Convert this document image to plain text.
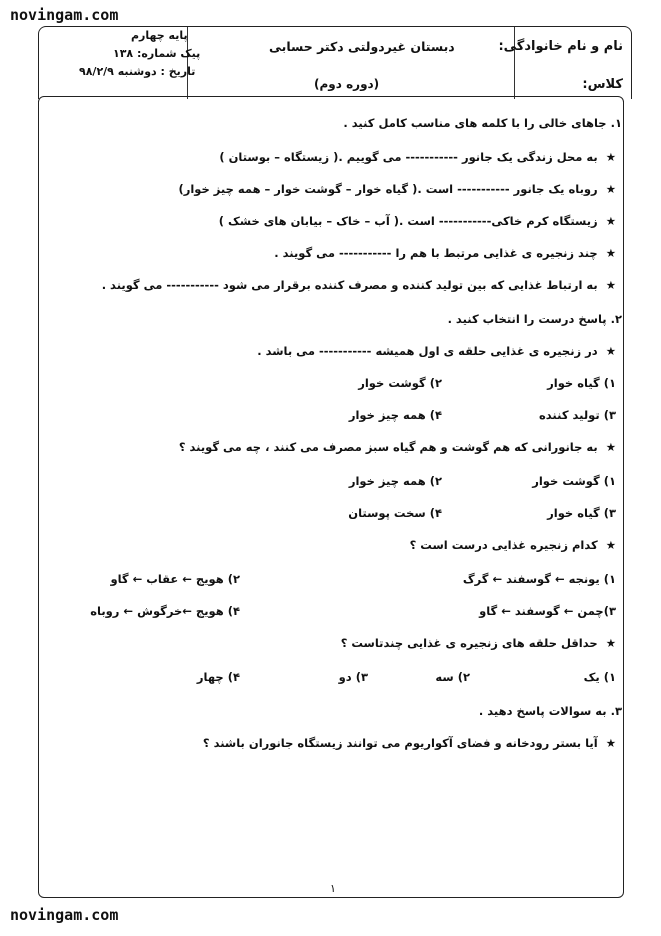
novingam.com
نام و نام خانوادگی:
کلاس:
دبستان غیردولتی دکتر حسابی
(دوره دوم)
پایه چهارم
پیک شماره: ۱۳۸
تاریخ : دوشنبه ۹۸/۲/۹
۱. جاهای خالی را با کلمه های مناسب کامل کنید .
★به محل زندگی یک جانور ----------- می گوییم .( زیستگاه – بوستان )
★روباه یک جانور ----------- است .( گیاه خوار – گوشت خوار – همه چیز خوار)
★زیستگاه کرم خاکی----------- است .( آب – خاک – بیابان های خشک )
★چند زنجیره ی غذایی مرتبط با هم را ----------- می گویند .
★به ارتباط غذایی که بین تولید کننده و مصرف کننده برقرار می شود ----------- می گویند .
۲. پاسخ درست را انتخاب کنید .
★در زنجیره ی غذایی حلقه ی اول همیشه ----------- می باشد .
۱) گیاه خوار
۲) گوشت خوار
۳) تولید کننده
۴) همه چیز خوار
★به جانورانی که هم گوشت و هم گیاه سبز مصرف می کنند ، چه می گویند ؟
۱) گوشت خوار
۲) همه چیز خوار
۳) گیاه خوار
۴) سخت پوستان
★کدام زنجیره غذایی درست است ؟
۱) یونجه ← گوسفند ← گرگ
۲) هویج ← عقاب ← گاو
۳)چمن ← گوسفند ← گاو
۴) هویج ←خرگوش ← روباه
★حداقل حلقه های زنجیره ی غذایی چندتاست ؟
۱) یک
۲) سه
۳) دو
۴) چهار
۳. به سوالات پاسخ دهید .
★آیا بستر رودخانه و فضای آکواریوم می توانند زیستگاه جانوران باشند ؟
۱
novingam.com
